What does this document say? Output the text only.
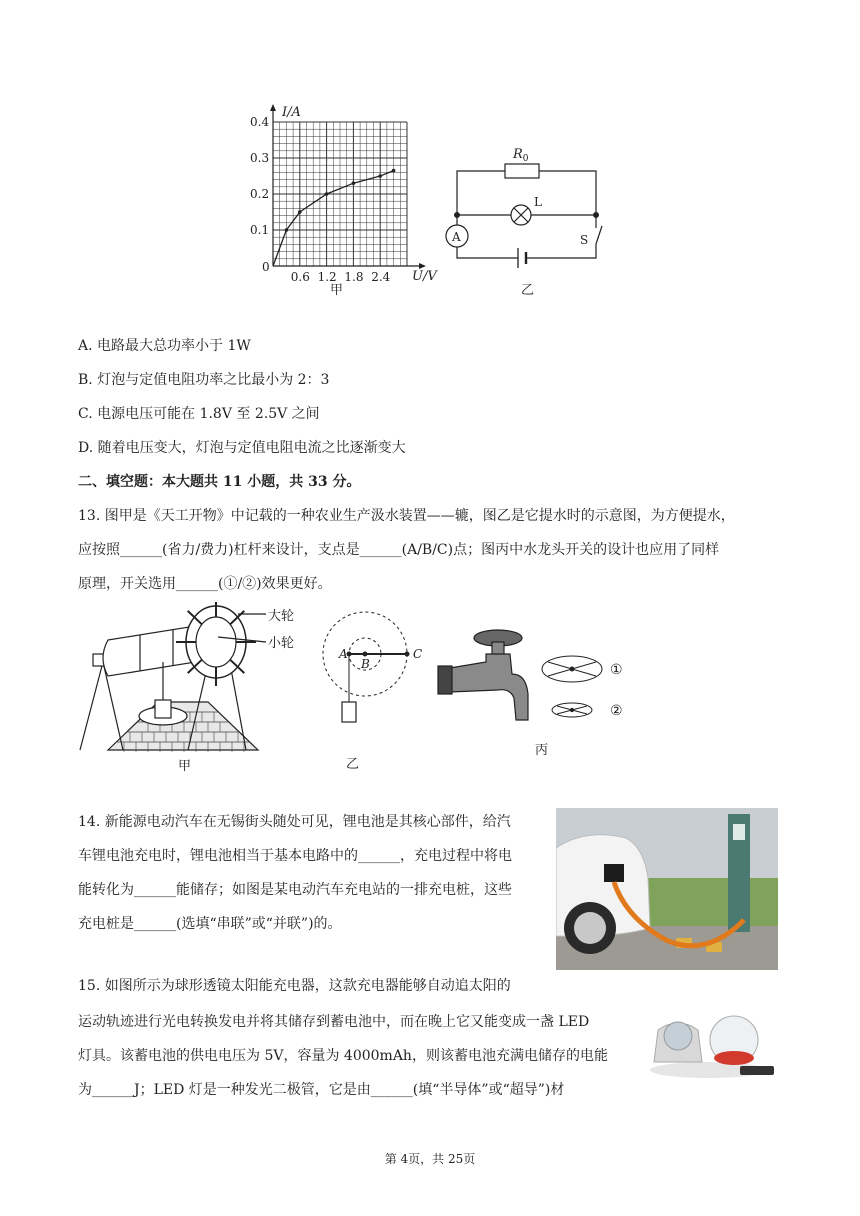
I/A
U/V
0
0.4
0.3
0.2
0.1
0.6 1.2 1.8 2.4
甲
$R_0$
L
A	S
乙
A. 电路最大总功率小于 1W
B. 灯泡与定值电阻功率之比最小为 2：3
C. 电源电压可能在 1.8V 至 2.5V 之间
D. 随着电压变大，灯泡与定值电阻电流之比逐渐变大
二、填空题：本大题共 11 小题，共 33 分。
13. 图甲是《天工开物》中记载的一种农业生产汲水装置——辘，图乙是它提水时的示意图，为方便提水，
应按照______(省力/费力)杠杆来设计，支点是______(A/B/C)点；图丙中水龙头开关的设计也应用了同样
原理，开关选用______(①/②)效果更好。
大轮
小轮
甲
A
B
C
乙
①
②
丙
14. 新能源电动汽车在无锡街头随处可见，锂电池是其核心部件，给汽
车锂电池充电时，锂电池相当于基本电路中的______，充电过程中将电
能转化为______能储存；如图是某电动汽车充电站的一排充电桩，这些
充电桩是______(选填“串联”或“并联”)的。
15. 如图所示为球形透镜太阳能充电器，这款充电器能够自动追太阳的
运动轨迹进行光电转换发电并将其储存到蓄电池中，而在晚上它又能变成一盏 LED
灯具。该蓄电池的供电电压为 5V，容量为 4000mAh，则该蓄电池充满电储存的电能
为______J；LED 灯是一种发光二极管，它是由______(填“半导体”或“超导”)材
第 4页，共 25页
